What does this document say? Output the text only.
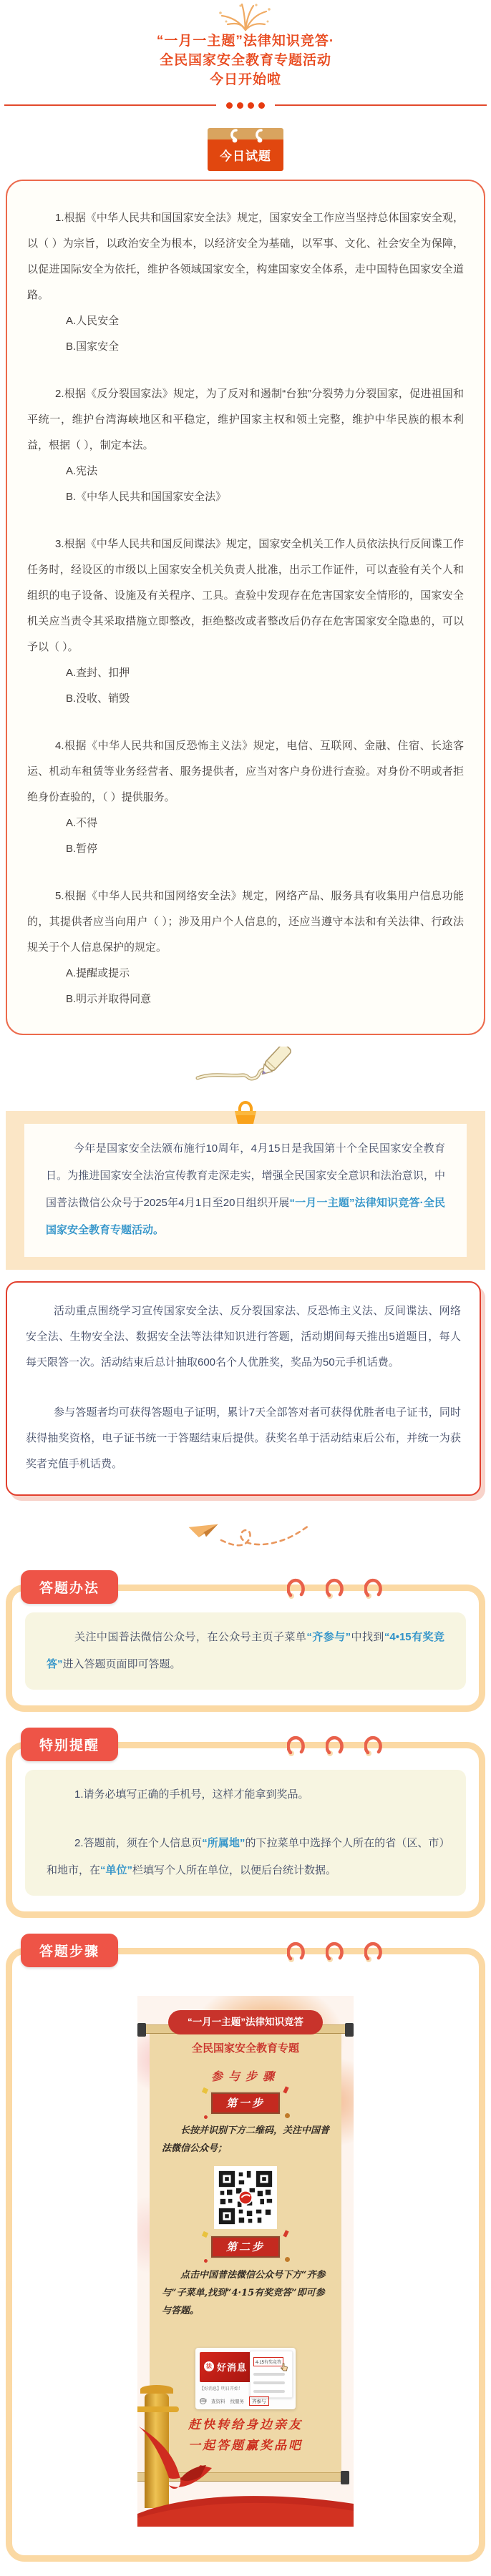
“一月一主题”法律知识竞答·
全民国家安全教育专题活动
今日开始啦
今日试题

1.根据《中华人民共和国国家安全法》规定，国家安全工作应当坚持总体国家安全观，以（ ）为宗旨，以政治安全为根本，以经济安全为基础，以军事、文化、社会安全为保障，以促进国际安全为依托，维护各领域国家安全，构建国家安全体系，走中国特色国家安全道路。

A.人民安全
B.国家安全

2.根据《反分裂国家法》规定，为了反对和遏制“台独”分裂势力分裂国家，促进祖国和平统一，维护台湾海峡地区和平稳定，维护国家主权和领土完整，维护中华民族的根本利益，根据（ ），制定本法。

A.宪法
B.《中华人民共和国国家安全法》

3.根据《中华人民共和国反间谍法》规定，国家安全机关工作人员依法执行反间谍工作任务时，经设区的市级以上国家安全机关负责人批准，出示工作证件，可以查验有关个人和组织的电子设备、设施及有关程序、工具。查验中发现存在危害国家安全情形的，国家安全机关应当责令其采取措施立即整改，拒绝整改或者整改后仍存在危害国家安全隐患的，可以予以（ ）。

A.查封、扣押
B.没收、销毁

4.根据《中华人民共和国反恐怖主义法》规定，电信、互联网、金融、住宿、长途客运、机动车租赁等业务经营者、服务提供者，应当对客户身份进行查验。对身份不明或者拒绝身份查验的，（ ）提供服务。

A.不得
B.暂停

5.根据《中华人民共和国网络安全法》规定，网络产品、服务具有收集用户信息功能的，其提供者应当向用户（ ）；涉及用户个人信息的，还应当遵守本法和有关法律、行政法规关于个人信息保护的规定。

A.提醒或提示
B.明示并取得同意

今年是国家安全法颁布施行10周年，4月15日是我国第十个全民国家安全教育日。为推进国家安全法治宣传教育走深走实，增强全民国家安全意识和法治意识，中国普法微信公众号于2025年4月1日至20日组织开展“一月一主题”法律知识竞答·全民国家安全教育专题活动。

活动重点围绕学习宣传国家安全法、反分裂国家法、反恐怖主义法、反间谍法、网络安全法、生物安全法、数据安全法等法律知识进行答题，活动期间每天推出5道题目，每人每天限答一次。活动结束后总计抽取600名个人优胜奖，奖品为50元手机话费。

参与答题者均可获得答题电子证明，累计7天全部答对者可获得优胜者电子证书，同时获得抽奖资格，电子证书统一于答题结束后提供。获奖名单于活动结束后公布，并统一为获奖者充值手机话费。

答题办法

关注中国普法微信公众号，在公众号主页子菜单“齐参与”中找到“4•15有奖竞答”进入答题页面即可答题。

特别提醒

1.请务必填写正确的手机号，这样才能拿到奖品。

2.答题前，须在个人信息页“所属地”的下拉菜单中选择个人所在的省（区、市）和地市，在“单位”栏填写个人所在单位，以便后台统计数据。

答题步骤
“一月一主题”法律知识竞答
全民国家安全教育专题
参与步骤
第一步

长按并识别下方二维码，关注中国普法微信公众号；

第二步

点击中国普法微信公众号下方“齐参与”子菜单,找到“4·15有奖竞答”即可参与答题。

法 好消息
【好消息】明日开始！
4·15有奖竞答
⌨ 查资料 找服务	齐参与
赶快转给身边亲友
一起答题赢奖品吧
